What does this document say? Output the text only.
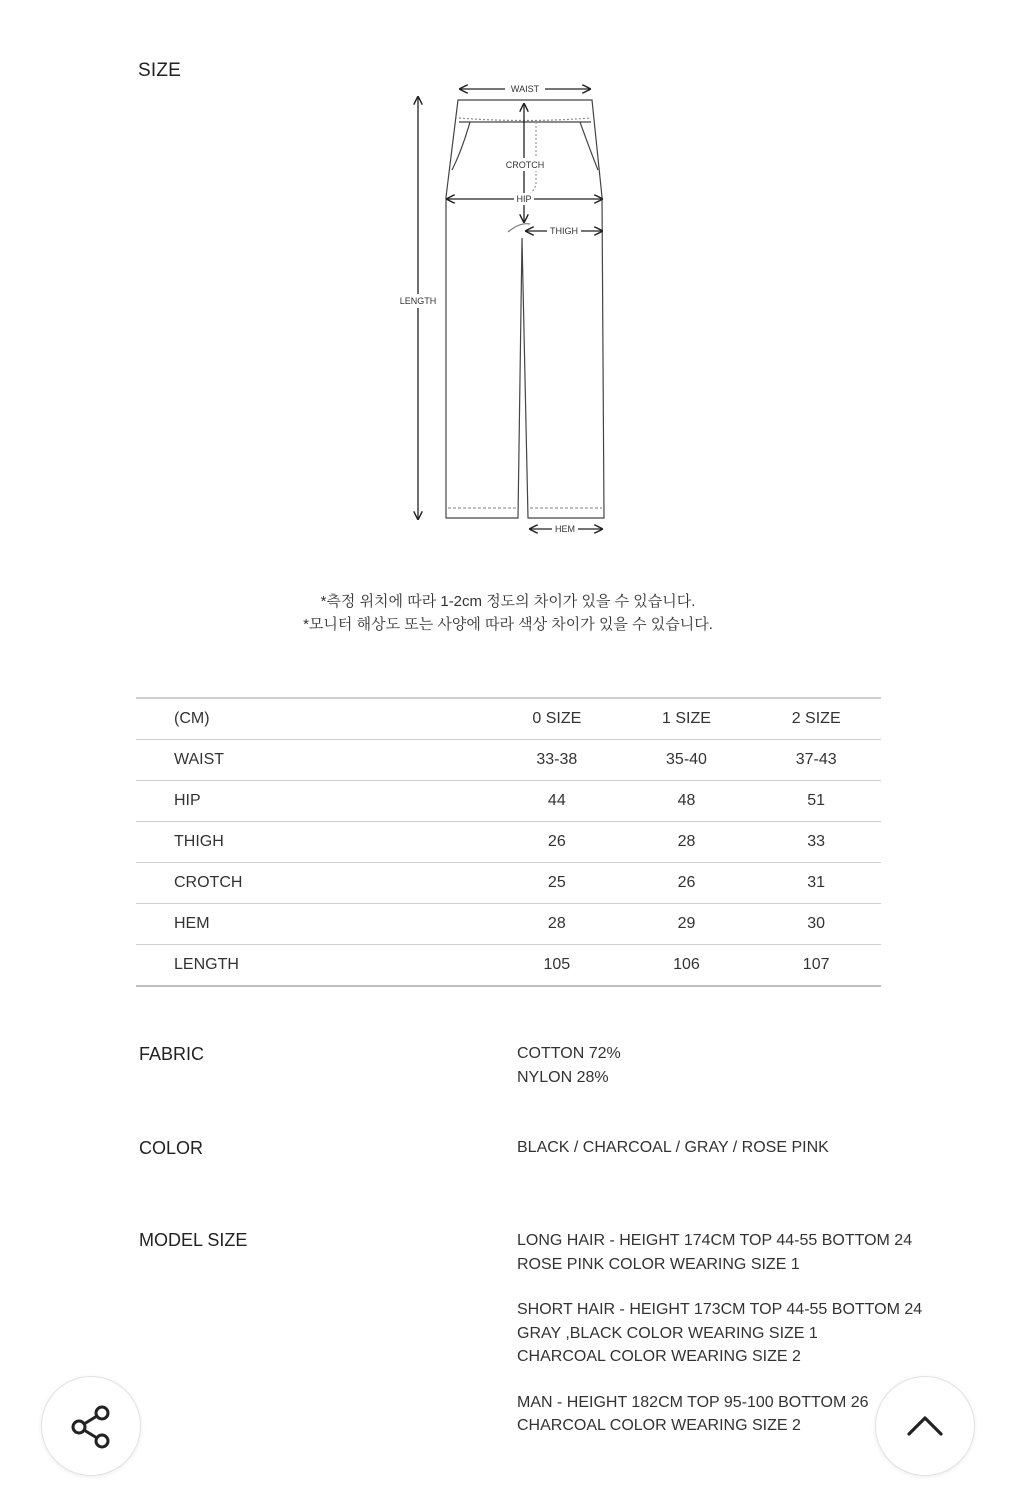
SIZE
WAIST
CROTCH
HIP
THIGH
LENGTH
HEM
*측정 위치에 따라 1-2cm 정도의 차이가 있을 수 있습니다.
*모니터 해상도 또는 사양에 따라 색상 차이가 있을 수 있습니다.
(CM)	0 SIZE	1 SIZE	2 SIZE
WAIST	33-38	35-40	37-43
HIP	44	48	51
THIGH	26	28	33
CROTCH	25	26	31
HEM	28	29	30
LENGTH	105	106	107
FABRIC	COTTON 72%
NYLON 28%
COLOR	BLACK / CHARCOAL / GRAY / ROSE PINK
MODEL SIZE	LONG HAIR - HEIGHT 174CM TOP 44-55 BOTTOM 24
ROSE PINK COLOR WEARING SIZE 1
SHORT HAIR - HEIGHT 173CM TOP 44-55 BOTTOM 24
GRAY ,BLACK COLOR WEARING SIZE 1
CHARCOAL COLOR WEARING SIZE 2
MAN - HEIGHT 182CM TOP 95-100 BOTTOM 26
CHARCOAL COLOR WEARING SIZE 2
